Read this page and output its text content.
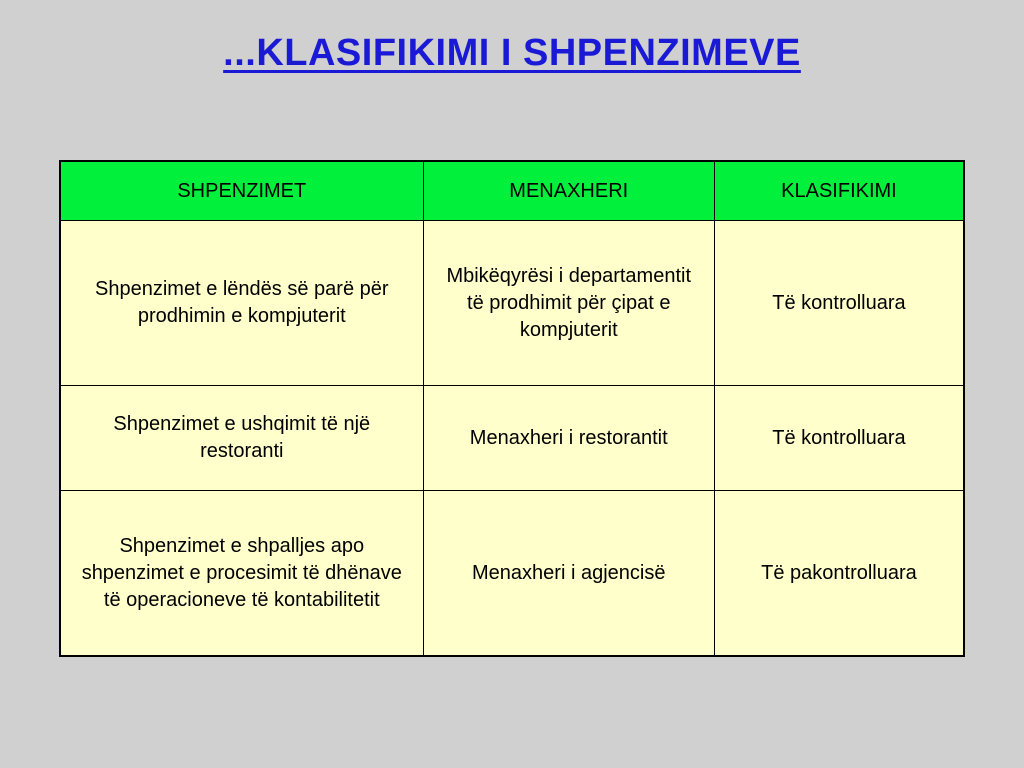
...KLASIFIKIMI I SHPENZIMEVE
SHPENZIMET	MENAXHERI	KLASIFIKIMI
Shpenzimet e lëndës së parë për prodhimin e kompjuterit	Mbikëqyrësi i departamentit të prodhimit për çipat e kompjuterit	Të kontrolluara
Shpenzimet e ushqimit të një restoranti	Menaxheri i restorantit	Të kontrolluara
Shpenzimet e shpalljes apo shpenzimet e procesimit të dhënave të operacioneve të kontabilitetit	Menaxheri i agjencisë	Të pakontrolluara
